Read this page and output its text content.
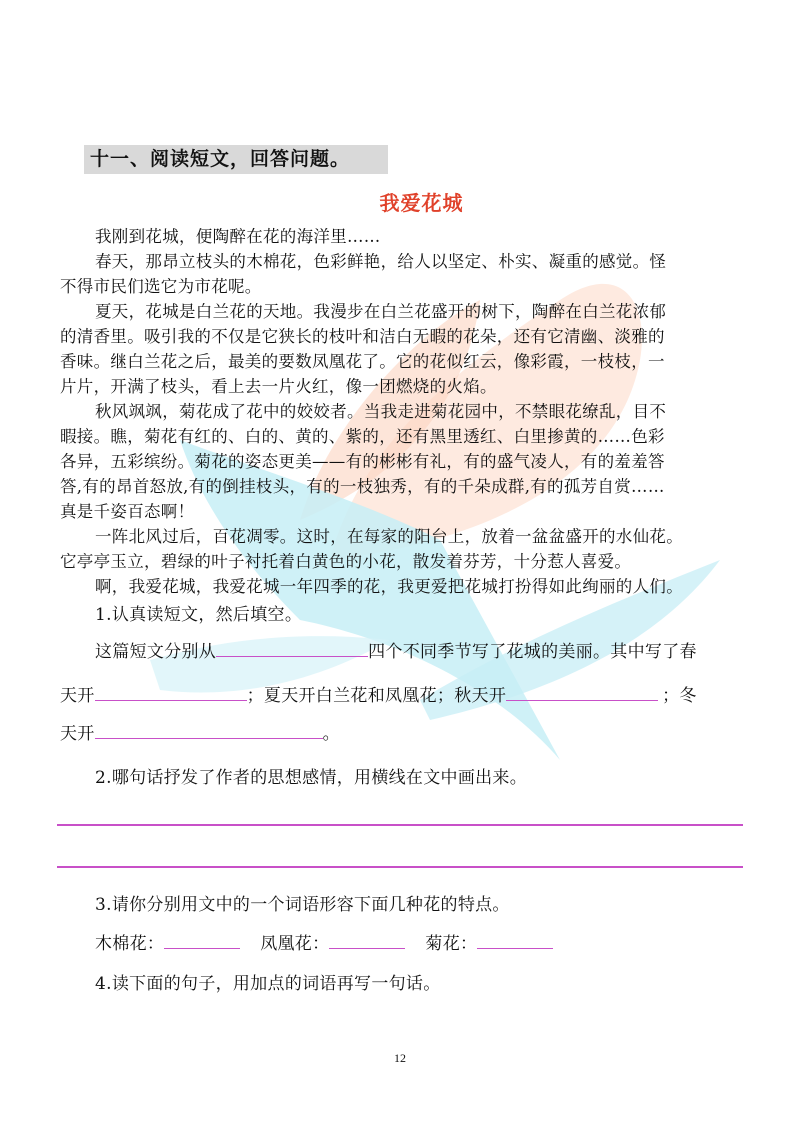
十一、阅读短文，回答问题。
我爱花城
我刚到花城，便陶醉在花的海洋里……
春天，那昂立枝头的木棉花，色彩鲜艳，给人以坚定、朴实、凝重的感觉。怪
不得市民们选它为市花呢。
夏天，花城是白兰花的天地。我漫步在白兰花盛开的树下，陶醉在白兰花浓郁
的清香里。吸引我的不仅是它狭长的枝叶和洁白无暇的花朵，还有它清幽、淡雅的
香味。继白兰花之后，最美的要数凤凰花了。它的花似红云，像彩霞，一枝枝，一
片片，开满了枝头，看上去一片火红，像一团燃烧的火焰。
秋风飒飒，菊花成了花中的姣姣者。当我走进菊花园中，不禁眼花缭乱，目不
暇接。瞧，菊花有红的、白的、黄的、紫的，还有黑里透红、白里掺黄的……色彩
各异，五彩缤纷。菊花的姿态更美——有的彬彬有礼，有的盛气凌人，有的羞羞答
答,有的昂首怒放,有的倒挂枝头，有的一枝独秀，有的千朵成群,有的孤芳自赏……
真是千姿百态啊！
一阵北风过后，百花凋零。这时，在每家的阳台上，放着一盆盆盛开的水仙花。
它亭亭玉立，碧绿的叶子衬托着白黄色的小花，散发着芬芳，十分惹人喜爱。
啊，我爱花城，我爱花城一年四季的花，我更爱把花城打扮得如此绚丽的人们。
1.认真读短文，然后填空。
这篇短文分别从	四个不同季节写了花城的美丽。其中写了春
天开	；夏天开白兰花和凤凰花；秋天开	；冬
天开	。
2.哪句话抒发了作者的思想感情，用横线在文中画出来。
3.请你分别用文中的一个词语形容下面几种花的特点。
木棉花：	凤凰花：	菊花：
4.读下面的句子，用加点的词语再写一句话。
12
